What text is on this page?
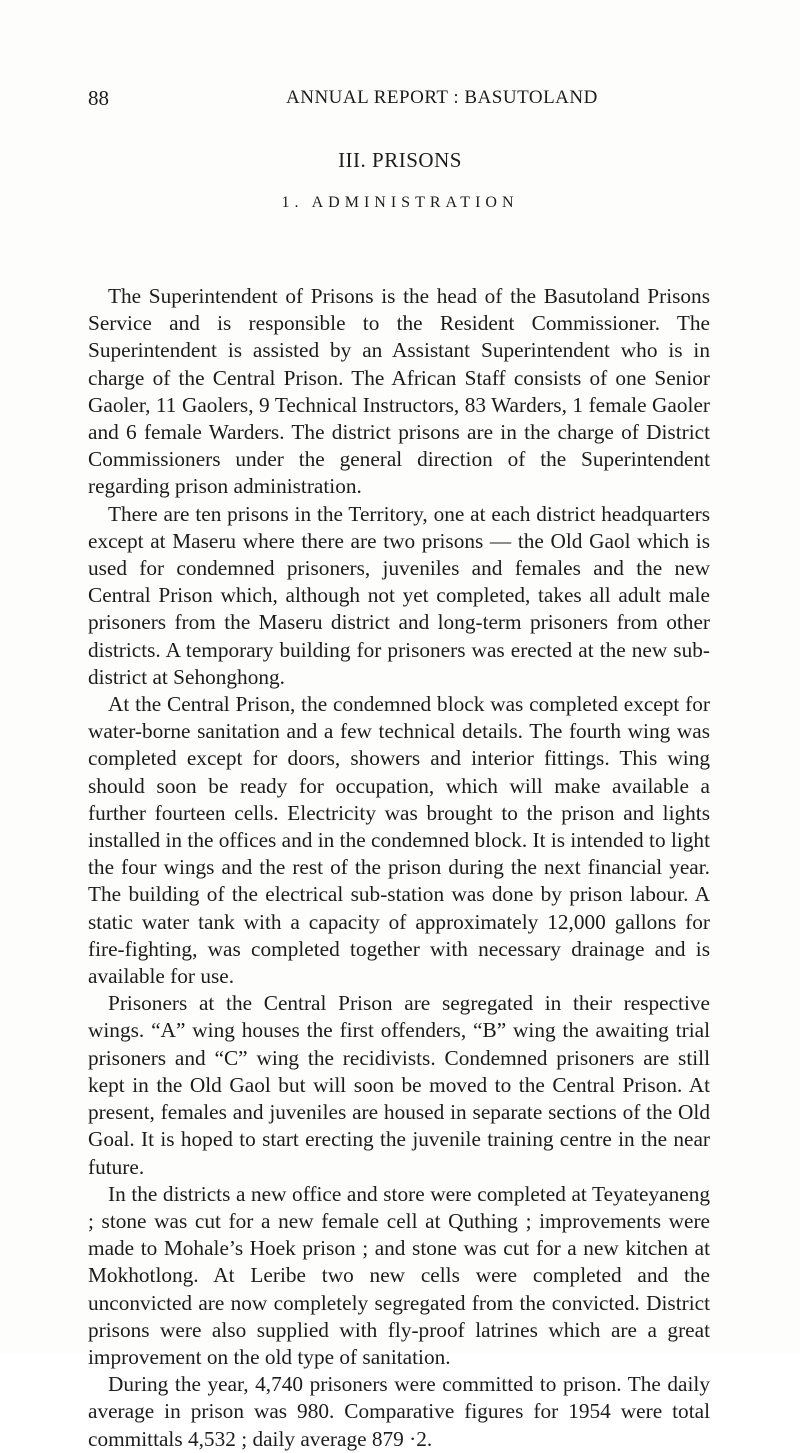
88	ANNUAL REPORT : BASUTOLAND
III. PRISONS
1. ADMINISTRATION

The Superintendent of Prisons is the head of the Basutoland Prisons Service and is responsible to the Resident Commissioner. The Superintendent is assisted by an Assistant Superintendent who is in charge of the Central Prison. The African Staff consists of one Senior Gaoler, 11 Gaolers, 9 Technical Instructors, 83 Warders, 1 female Gaoler and 6 female Warders. The district prisons are in the charge of District Commissioners under the general direction of the Superintendent regarding prison administration.

There are ten prisons in the Territory, one at each district headquarters except at Maseru where there are two prisons — the Old Gaol which is used for condemned prisoners, juveniles and females and the new Central Prison which, although not yet completed, takes all adult male prisoners from the Maseru district and long-term prisoners from other districts. A temporary building for prisoners was erected at the new sub-district at Sehonghong.

At the Central Prison, the condemned block was completed except for water-borne sanitation and a few technical details. The fourth wing was completed except for doors, showers and interior fittings. This wing should soon be ready for occupation, which will make available a further fourteen cells. Electricity was brought to the prison and lights installed in the offices and in the condemned block. It is intended to light the four wings and the rest of the prison during the next financial year. The building of the electrical sub-station was done by prison labour. A static water tank with a capacity of approximately 12,000 gallons for fire-fighting, was completed together with necessary drainage and is available for use.

Prisoners at the Central Prison are segregated in their respective wings. “A” wing houses the first offenders, “B” wing the awaiting trial prisoners and “C” wing the recidivists. Condemned prisoners are still kept in the Old Gaol but will soon be moved to the Central Prison. At present, females and juveniles are housed in separate sections of the Old Goal. It is hoped to start erecting the juvenile training centre in the near future.

In the districts a new office and store were completed at Teyateyaneng ; stone was cut for a new female cell at Quthing ; improvements were made to Mohale’s Hoek prison ; and stone was cut for a new kitchen at Mokhotlong. At Leribe two new cells were completed and the unconvicted are now completely segregated from the convicted. District prisons were also supplied with fly-proof latrines which are a great improvement on the old type of sanitation.

During the year, 4,740 prisoners were committed to prison. The daily average in prison was 980. Comparative figures for 1954 were total committals 4,532 ; daily average 879 ·2.
